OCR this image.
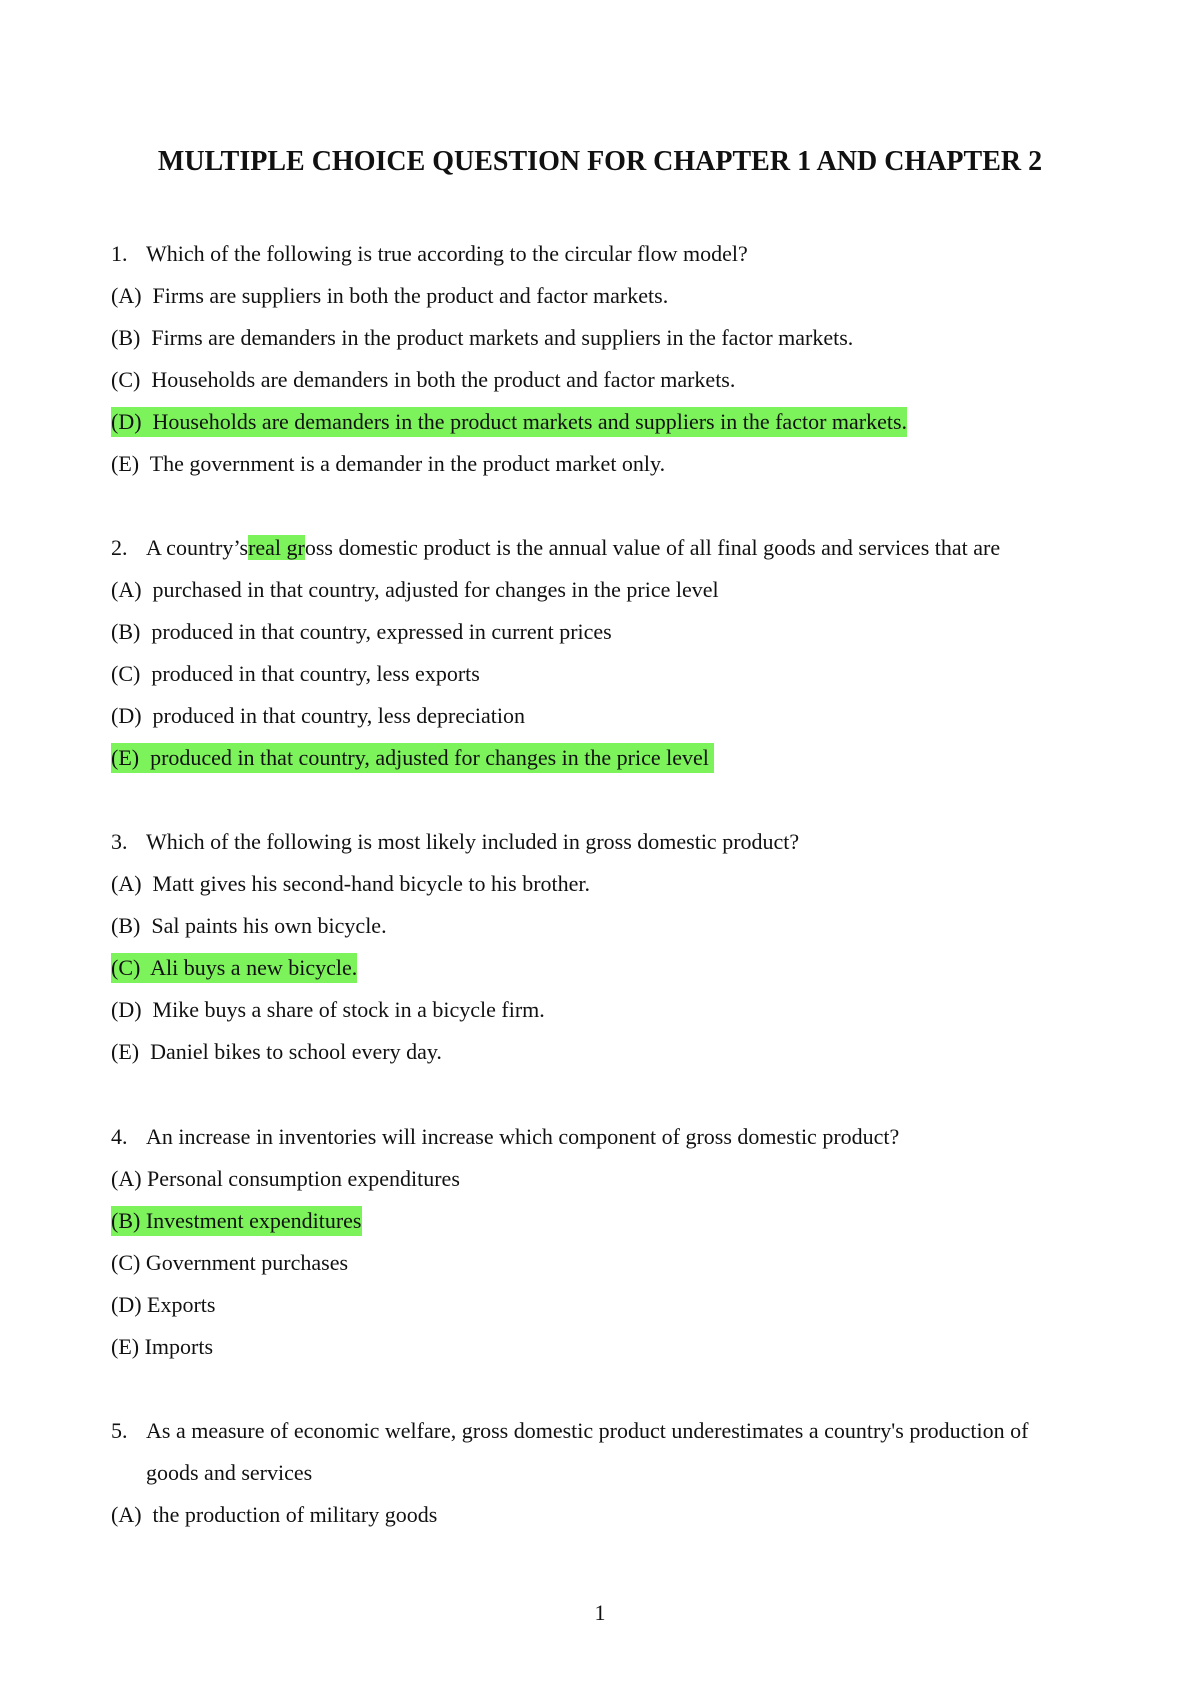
MULTIPLE CHOICE QUESTION FOR CHAPTER 1 AND CHAPTER 2
1. Which of the following is true according to the circular flow model?
(A) Firms are suppliers in both the product and factor markets.
(B) Firms are demanders in the product markets and suppliers in the factor markets.
(C) Households are demanders in both the product and factor markets.
(D) Households are demanders in the product markets and suppliers in the factor markets.
(E) The government is a demander in the product market only.
2. A country’sreal gross domestic product is the annual value of all final goods and services that are
(A) purchased in that country, adjusted for changes in the price level
(B) produced in that country, expressed in current prices
(C) produced in that country, less exports
(D) produced in that country, less depreciation
(E) produced in that country, adjusted for changes in the price level
3. Which of the following is most likely included in gross domestic product?
(A) Matt gives his second-hand bicycle to his brother.
(B) Sal paints his own bicycle.
(C) Ali buys a new bicycle.
(D) Mike buys a share of stock in a bicycle firm.
(E) Daniel bikes to school every day.
4. An increase in inventories will increase which component of gross domestic product?
(A) Personal consumption expenditures
(B) Investment expenditures
(C) Government purchases
(D) Exports
(E) Imports
5. As a measure of economic welfare, gross domestic product underestimates a country's production of
goods and services
(A) the production of military goods
1
